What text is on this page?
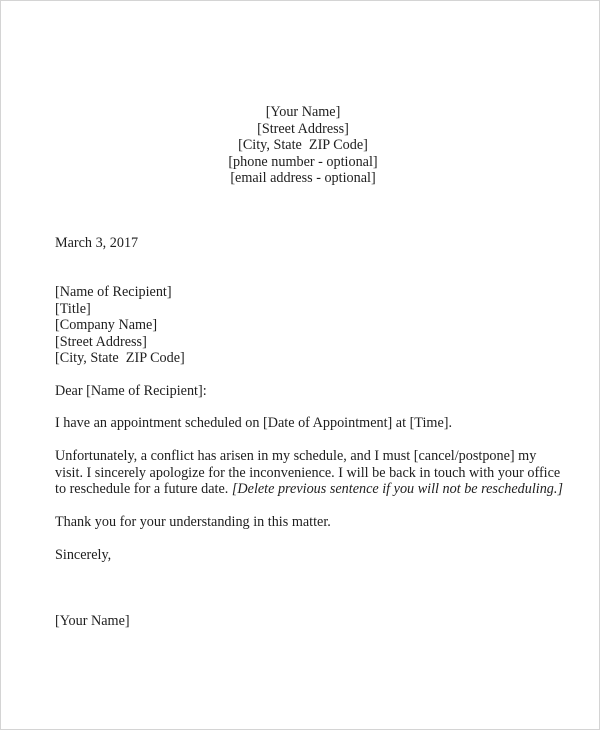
[Your Name]
[Street Address]
[City, State  ZIP Code]
[phone number - optional]
[email address - optional]
March 3, 2017
[Name of Recipient]
[Title]
[Company Name]
[Street Address]
[City, State  ZIP Code]
Dear [Name of Recipient]:
I have an appointment scheduled on [Date of Appointment] at [Time].
Unfortunately, a conflict has arisen in my schedule, and I must [cancel/postpone] my
visit. I sincerely apologize for the inconvenience. I will be back in touch with your office
to reschedule for a future date. [Delete previous sentence if you will not be rescheduling.]
Thank you for your understanding in this matter.
Sincerely,
[Your Name]
